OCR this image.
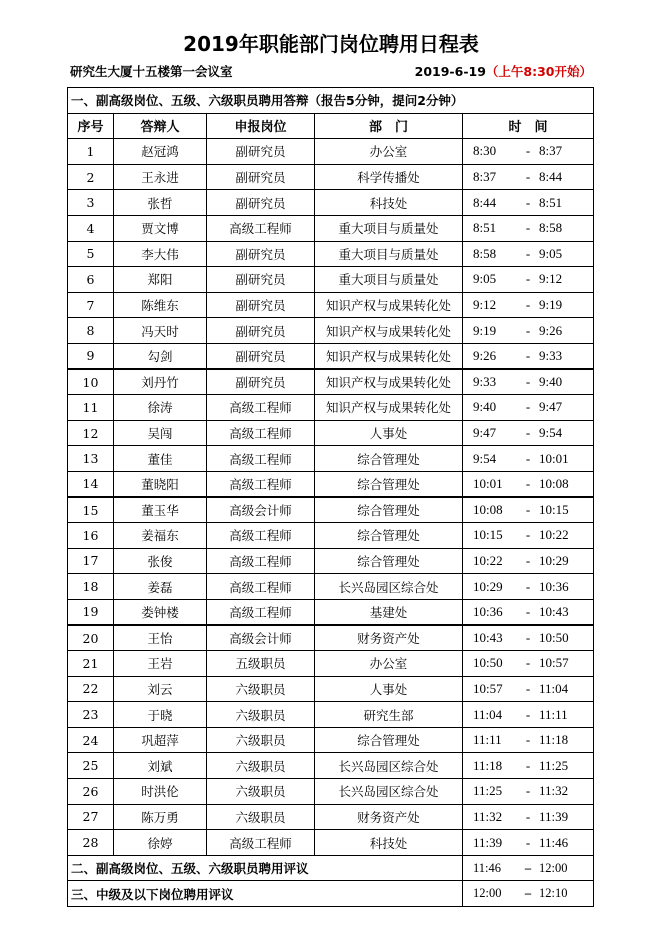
2019年职能部门岗位聘用日程表
研究生大厦十五楼第一会议室	2019-6-19（上午8:30开始）
一、副高级岗位、五级、六级职员聘用答辩（报告5分钟，提问2分钟）				
序号	答辩人	申报岗位	部　门	时　间
1	赵冠鸿	副研究员	办公室	8:30 - 8:37
2	王永进	副研究员	科学传播处	8:37 - 8:44
3	张哲	副研究员	科技处	8:44 - 8:51
4	贾文博	高级工程师	重大项目与质量处	8:51 - 8:58
5	李大伟	副研究员	重大项目与质量处	8:58 - 9:05
6	郑阳	副研究员	重大项目与质量处	9:05 - 9:12
7	陈维东	副研究员	知识产权与成果转化处	9:12 - 9:19
8	冯天时	副研究员	知识产权与成果转化处	9:19 - 9:26
9	勾剑	副研究员	知识产权与成果转化处	9:26 - 9:33
10	刘丹竹	副研究员	知识产权与成果转化处	9:33 - 9:40
11	徐涛	高级工程师	知识产权与成果转化处	9:40 - 9:47
12	吴闯	高级工程师	人事处	9:47 - 9:54
13	董佳	高级工程师	综合管理处	9:54 - 10:01
14	董晓阳	高级工程师	综合管理处	10:01 - 10:08
15	董玉华	高级会计师	综合管理处	10:08 - 10:15
16	姜福东	高级工程师	综合管理处	10:15 - 10:22
17	张俊	高级工程师	综合管理处	10:22 - 10:29
18	姜磊	高级工程师	长兴岛园区综合处	10:29 - 10:36
19	娄钟楼	高级工程师	基建处	10:36 - 10:43
20	王怡	高级会计师	财务资产处	10:43 - 10:50
21	王岩	五级职员	办公室	10:50 - 10:57
22	刘云	六级职员	人事处	10:57 - 11:04
23	于晓	六级职员	研究生部	11:04 - 11:11
24	巩超萍	六级职员	综合管理处	11:11 - 11:18
25	刘斌	六级职员	长兴岛园区综合处	11:18 - 11:25
26	时洪伦	六级职员	长兴岛园区综合处	11:25 - 11:32
27	陈万勇	六级职员	财务资产处	11:32 - 11:39
28	徐婷	高级工程师	科技处	11:39 - 11:46
二、副高级岗位、五级、六级职员聘用评议				11:46 – 12:00
三、中级及以下岗位聘用评议				12:00 – 12:10
